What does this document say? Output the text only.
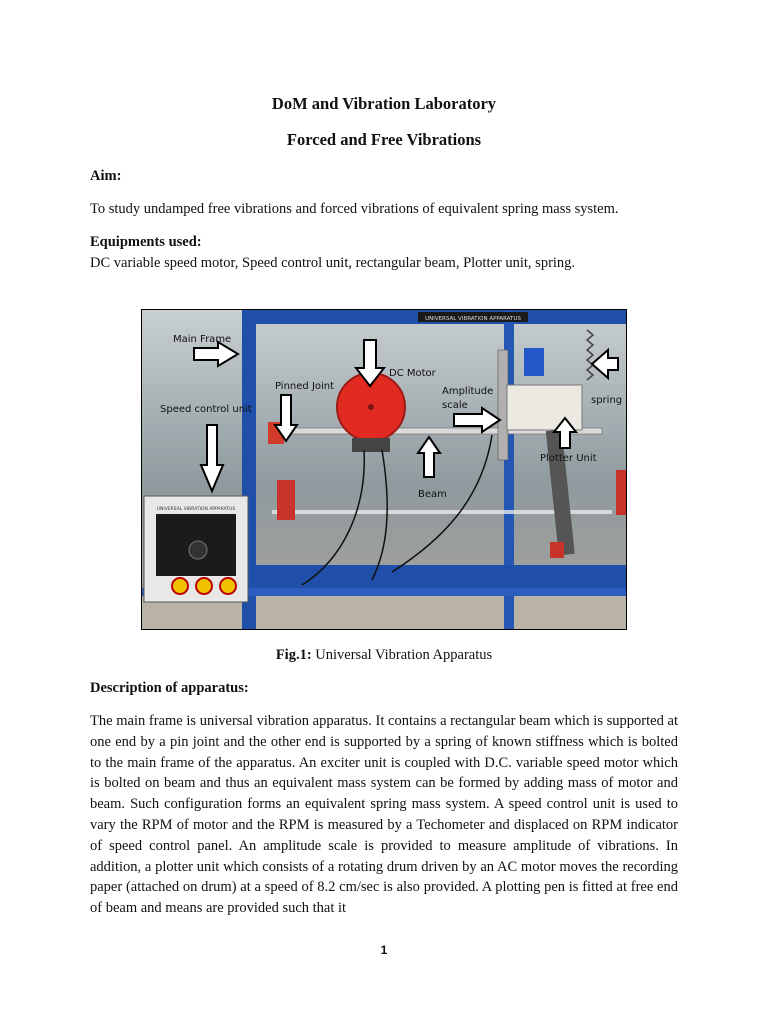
DoM and Vibration Laboratory
Forced and Free Vibrations
Aim:
To study undamped free vibrations and forced vibrations of equivalent spring mass system.
Equipments used:
DC variable speed motor, Speed control unit, rectangular beam, Plotter unit, spring.
UNIVERSAL VIBRATION APPARATUS
UNIVERSAL VIBRATION APPARATUS
Main Frame
Pinned Joint
DC Motor
Amplitude
scale	spring
Speed control unit
Plotter Unit
Beam
Fig.1: Universal Vibration Apparatus
Description of apparatus:
The main frame is universal vibration apparatus. It contains a rectangular beam which is supported at one end by a pin joint and the other end is supported by a spring of known stiffness which is bolted to the main frame of the apparatus. An exciter unit is coupled with D.C. variable speed motor which is bolted on beam and thus an equivalent mass system can be formed by adding mass of motor and beam. Such configuration forms an equivalent spring mass system. A speed control unit is used to vary the RPM of motor and the RPM is measured by a Techometer and displaced on RPM indicator of speed control panel. An amplitude scale is provided to measure amplitude of vibrations. In addition, a plotter unit which consists of a rotating drum driven by an AC motor moves the recording paper (attached on drum) at a speed of 8.2 cm/sec is also provided. A plotting pen is fitted at free end of beam and means are provided such that it
1
